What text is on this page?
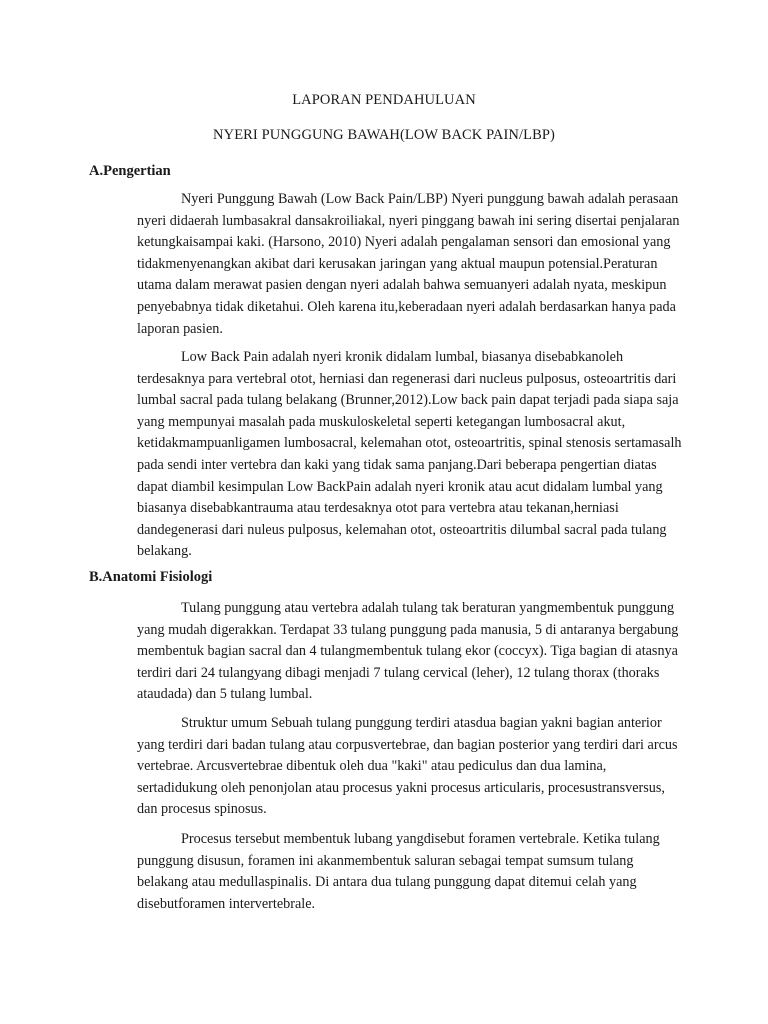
LAPORAN PENDAHULUAN
NYERI PUNGGUNG BAWAH(LOW BACK PAIN/LBP)
A.Pengertian

Nyeri Punggung Bawah (Low Back Pain/LBP) Nyeri punggung bawah adalah perasaan nyeri didaerah lumbasakral dansakroiliakal, nyeri pinggang bawah ini sering disertai penjalaran ketungkaisampai kaki. (Harsono, 2010) Nyeri adalah pengalaman sensori dan emosional yang tidakmenyenangkan akibat dari kerusakan jaringan yang aktual maupun potensial.Peraturan utama dalam merawat pasien dengan nyeri adalah bahwa semuanyeri adalah nyata, meskipun penyebabnya tidak diketahui. Oleh karena itu,keberadaan nyeri adalah berdasarkan hanya pada laporan pasien.

Low Back Pain adalah nyeri kronik didalam lumbal, biasanya disebabkanoleh terdesaknya para vertebral otot, herniasi dan regenerasi dari nucleus pulposus, osteoartritis dari lumbal sacral pada tulang belakang (Brunner,2012).Low back pain dapat terjadi pada siapa saja yang mempunyai masalah pada muskuloskeletal seperti ketegangan lumbosacral akut, ketidakmampuanligamen lumbosacral, kelemahan otot, osteoartritis, spinal stenosis sertamasalh pada sendi inter vertebra dan kaki yang tidak sama panjang.Dari beberapa pengertian diatas dapat diambil kesimpulan Low BackPain adalah nyeri kronik atau acut didalam lumbal yang biasanya disebabkantrauma atau terdesaknya otot para vertebra atau tekanan,herniasi dandegenerasi dari nuleus pulposus, kelemahan otot, osteoartritis dilumbal sacral pada tulang belakang.

B.Anatomi Fisiologi

Tulang punggung atau vertebra adalah tulang tak beraturan yangmembentuk punggung yang mudah digerakkan. Terdapat 33 tulang punggung pada manusia, 5 di antaranya bergabung membentuk bagian sacral dan 4 tulangmembentuk tulang ekor (coccyx). Tiga bagian di atasnya terdiri dari 24 tulangyang dibagi menjadi 7 tulang cervical (leher), 12 tulang thorax (thoraks ataudada) dan 5 tulang lumbal.

Struktur umum Sebuah tulang punggung terdiri atasdua bagian yakni bagian anterior yang terdiri dari badan tulang atau corpusvertebrae, dan bagian posterior yang terdiri dari arcus vertebrae. Arcusvertebrae dibentuk oleh dua "kaki" atau pediculus dan dua lamina, sertadidukung oleh penonjolan atau procesus yakni procesus articularis, procesustransversus, dan procesus spinosus.

Procesus tersebut membentuk lubang yangdisebut foramen vertebrale. Ketika tulang punggung disusun, foramen ini akanmembentuk saluran sebagai tempat sumsum tulang belakang atau medullaspinalis. Di antara dua tulang punggung dapat ditemui celah yang disebutforamen intervertebrale.
